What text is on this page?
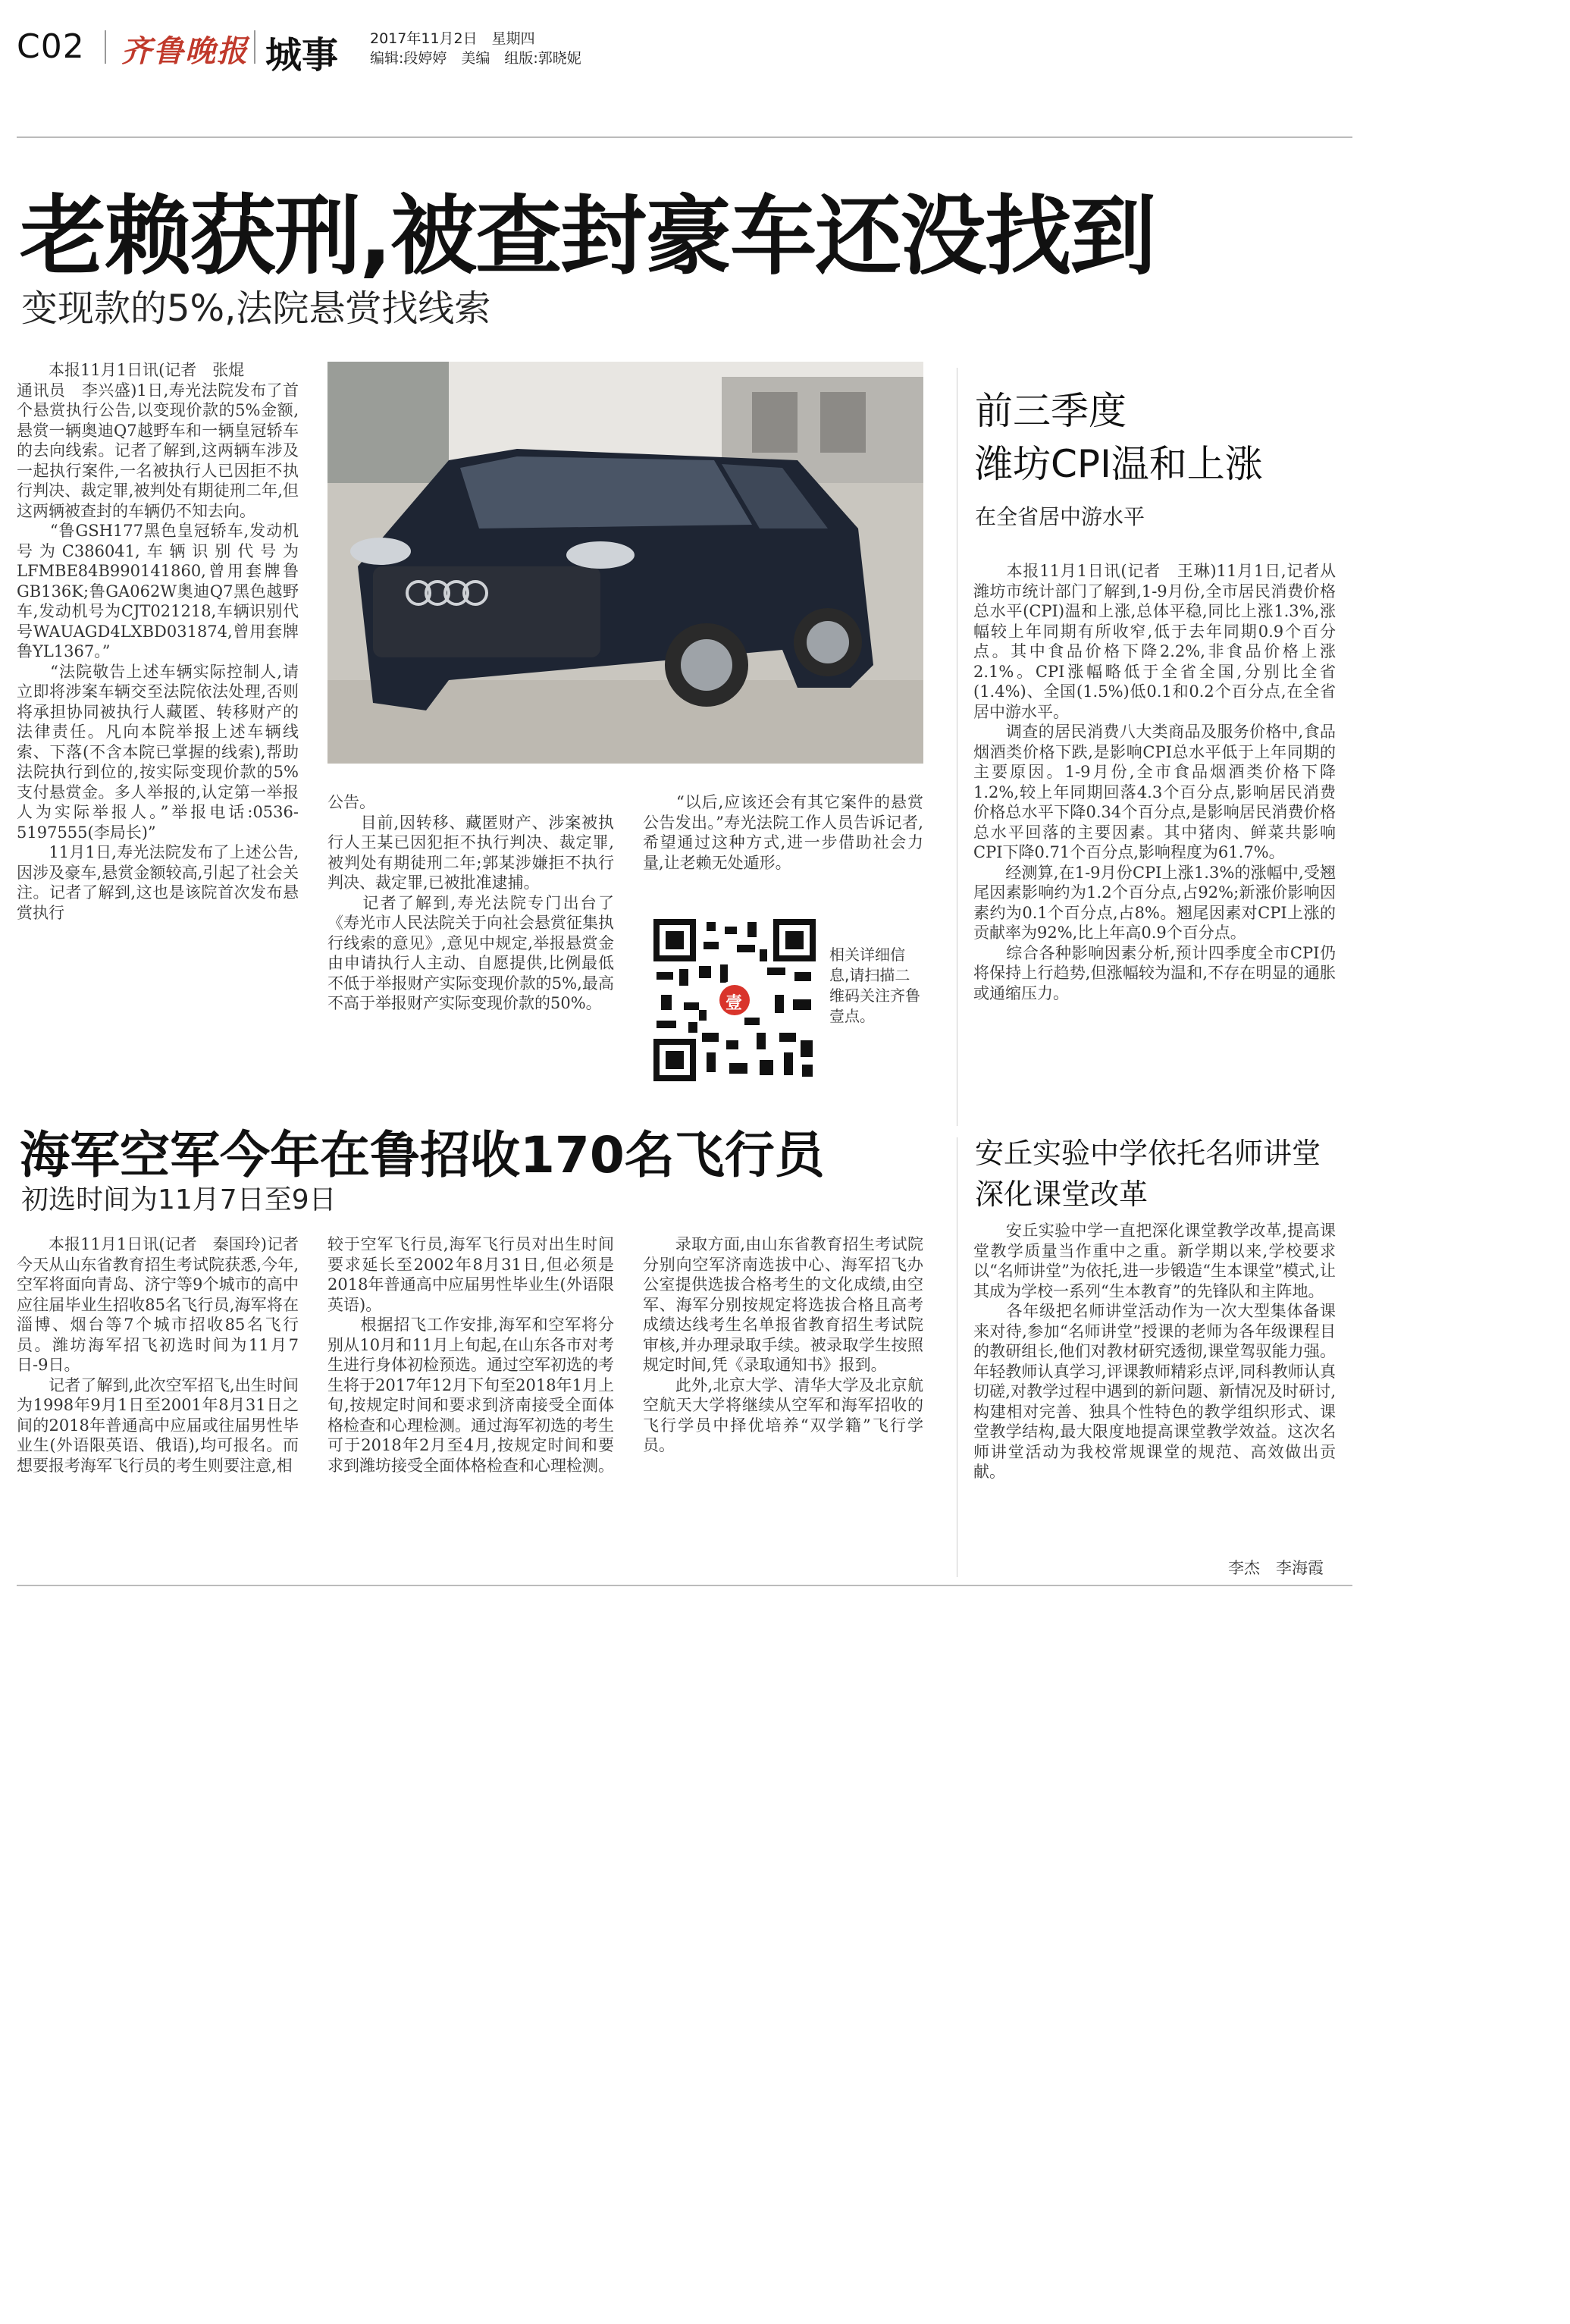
C02 齐鲁晚报 城事 2017年11月2日　星期四
编辑:段婷婷　美编　组版:郭晓妮
老赖获刑,被查封豪车还没找到
变现款的5%,法院悬赏找线索
　　本报11月1日讯(记者　张焜
通讯员　李兴盛)1日,寿光法院发布了首个悬赏执行公告,以变现价款的5%金额,悬赏一辆奥迪Q7越野车和一辆皇冠轿车的去向线索。记者了解到,这两辆车涉及一起执行案件,一名被执行人已因拒不执行判决、裁定罪,被判处有期徒刑二年,但这两辆被查封的车辆仍不知去向。
　　“鲁GSH177黑色皇冠轿车,发动机号为C386041,车辆识别代号为LFMBE84B990141860,曾用套牌鲁GB136K;鲁GA062W奥迪Q7黑色越野车,发动机号为CJT021218,车辆识别代号WAUAGD4LXBD031874,曾用套牌鲁YL1367。”
　　“法院敬告上述车辆实际控制人,请立即将涉案车辆交至法院依法处理,否则将承担协同被执行人藏匿、转移财产的法律责任。凡向本院举报上述车辆线索、下落(不含本院已掌握的线索),帮助法院执行到位的,按实际变现价款的5%支付悬赏金。多人举报的,认定第一举报人为实际举报人。”举报电话:0536-5197555(李局长)”
　　11月1日,寿光法院发布了上述公告,因涉及豪车,悬赏金额较高,引起了社会关注。记者了解到,这也是该院首次发布悬赏执行
公告。
　　目前,因转移、藏匿财产、涉案被执行人王某已因犯拒不执行判决、裁定罪,被判处有期徒刑二年;郭某涉嫌拒不执行判决、裁定罪,已被批准逮捕。
　　记者了解到,寿光法院专门出台了《寿光市人民法院关于向社会悬赏征集执行线索的意见》,意见中规定,举报悬赏金由申请执行人主动、自愿提供,比例最低不低于举报财产实际变现价款的5%,最高不高于举报财产实际变现价款的50%。
　　“以后,应该还会有其它案件的悬赏公告发出。”寿光法院工作人员告诉记者,希望通过这种方式,进一步借助社会力量,让老赖无处遁形。
壹
相关详细信息,请扫描二维码关注齐鲁壹点。
前三季度
潍坊CPI温和上涨
在全省居中游水平
　　本报11月1日讯(记者　王琳)11月1日,记者从潍坊市统计部门了解到,1-9月份,全市居民消费价格总水平(CPI)温和上涨,总体平稳,同比上涨1.3%,涨幅较上年同期有所收窄,低于去年同期0.9个百分点。其中食品价格下降2.2%,非食品价格上涨2.1%。CPI涨幅略低于全省全国,分别比全省(1.4%)、全国(1.5%)低0.1和0.2个百分点,在全省居中游水平。
　　调查的居民消费八大类商品及服务价格中,食品烟酒类价格下跌,是影响CPI总水平低于上年同期的主要原因。1-9月份,全市食品烟酒类价格下降1.2%,较上年同期回落4.3个百分点,影响居民消费价格总水平下降0.34个百分点,是影响居民消费价格总水平回落的主要因素。其中猪肉、鲜菜共影响CPI下降0.71个百分点,影响程度为61.7%。
　　经测算,在1-9月份CPI上涨1.3%的涨幅中,受翘尾因素影响约为1.2个百分点,占92%;新涨价影响因素约为0.1个百分点,占8%。翘尾因素对CPI上涨的贡献率为92%,比上年高0.9个百分点。
　　综合各种影响因素分析,预计四季度全市CPI仍将保持上行趋势,但涨幅较为温和,不存在明显的通胀或通缩压力。
海军空军今年在鲁招收170名飞行员
初选时间为11月7日至9日
　　本报11月1日讯(记者　秦国玲)记者今天从山东省教育招生考试院获悉,今年,空军将面向青岛、济宁等9个城市的高中应往届毕业生招收85名飞行员,海军将在淄博、烟台等7个城市招收85名飞行员。潍坊海军招飞初选时间为11月7日-9日。
　　记者了解到,此次空军招飞,出生时间为1998年9月1日至2001年8月31日之间的2018年普通高中应届或往届男性毕业生(外语限英语、俄语),均可报名。而想要报考海军飞行员的考生则要注意,相
较于空军飞行员,海军飞行员对出生时间要求延长至2002年8月31日,但必须是2018年普通高中应届男性毕业生(外语限英语)。
　　根据招飞工作安排,海军和空军将分别从10月和11月上旬起,在山东各市对考生进行身体初检预选。通过空军初选的考生将于2017年12月下旬至2018年1月上旬,按规定时间和要求到济南接受全面体格检查和心理检测。通过海军初选的考生可于2018年2月至4月,按规定时间和要求到潍坊接受全面体格检查和心理检测。
　　录取方面,由山东省教育招生考试院分别向空军济南选拔中心、海军招飞办公室提供选拔合格考生的文化成绩,由空军、海军分别按规定将选拔合格且高考成绩达线考生名单报省教育招生考试院审核,并办理录取手续。被录取学生按照规定时间,凭《录取通知书》报到。
　　此外,北京大学、清华大学及北京航空航天大学将继续从空军和海军招收的飞行学员中择优培养“双学籍”飞行学员。
安丘实验中学依托名师讲堂
深化课堂改革
　　安丘实验中学一直把深化课堂教学改革,提高课堂教学质量当作重中之重。新学期以来,学校要求以“名师讲堂”为依托,进一步锻造“生本课堂”模式,让其成为学校一系列“生本教育”的先锋队和主阵地。
　　各年级把名师讲堂活动作为一次大型集体备课来对待,参加“名师讲堂”授课的老师为各年级课程目的教研组长,他们对教材研究透彻,课堂驾驭能力强。年轻教师认真学习,评课教师精彩点评,同科教师认真切磋,对教学过程中遇到的新问题、新情况及时研讨,构建相对完善、独具个性特色的教学组织形式、课堂教学结构,最大限度地提高课堂教学效益。这次名师讲堂活动为我校常规课堂的规范、高效做出贡献。
李杰　李海霞
